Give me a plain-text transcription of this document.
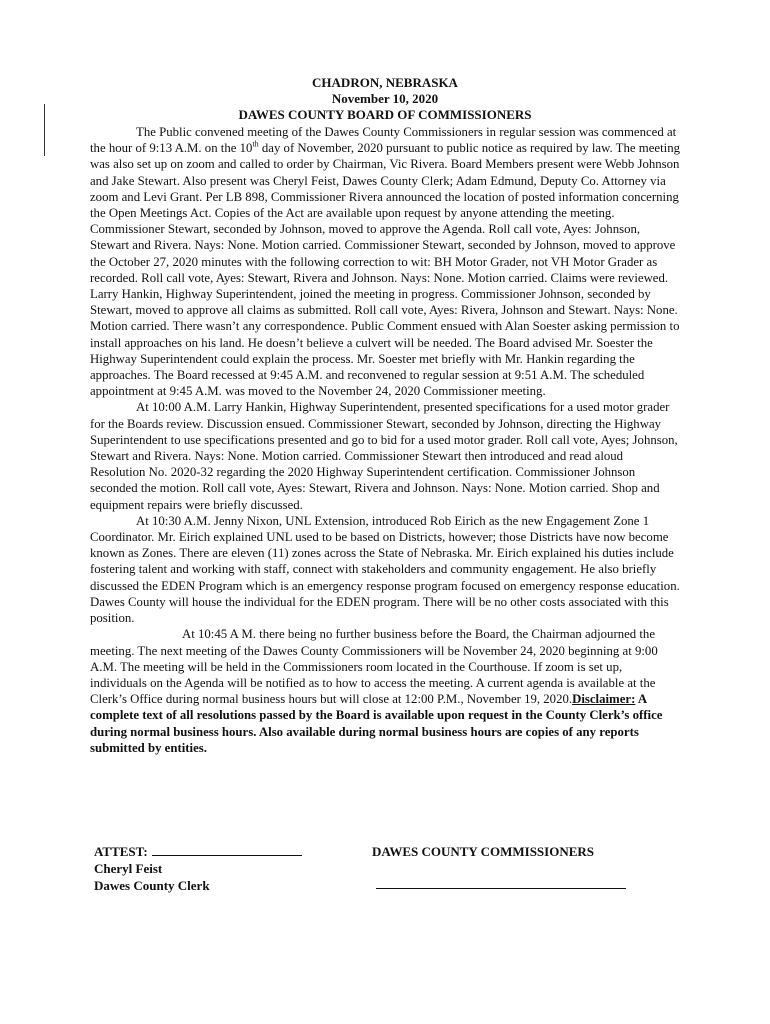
CHADRON, NEBRASKA
November 10, 2020
DAWES COUNTY BOARD OF COMMISSIONERS

The Public convened meeting of the Dawes County Commissioners in regular session was commenced at the hour of 9:13 A.M. on the 10th day of November, 2020 pursuant to public notice as required by law. The meeting was also set up on zoom and called to order by Chairman, Vic Rivera. Board Members present were Webb Johnson and Jake Stewart. Also present was Cheryl Feist, Dawes County Clerk; Adam Edmund, Deputy Co. Attorney via zoom and Levi Grant. Per LB 898, Commissioner Rivera announced the location of posted information concerning the Open Meetings Act. Copies of the Act are available upon request by anyone attending the meeting. Commissioner Stewart, seconded by Johnson, moved to approve the Agenda. Roll call vote, Ayes: Johnson, Stewart and Rivera. Nays: None. Motion carried. Commissioner Stewart, seconded by Johnson, moved to approve the October 27, 2020 minutes with the following correction to wit: BH Motor Grader, not VH Motor Grader as recorded. Roll call vote, Ayes: Stewart, Rivera and Johnson. Nays: None. Motion carried. Claims were reviewed. Larry Hankin, Highway Superintendent, joined the meeting in progress. Commissioner Johnson, seconded by Stewart, moved to approve all claims as submitted. Roll call vote, Ayes: Rivera, Johnson and Stewart. Nays: None. Motion carried. There wasn’t any correspondence. Public Comment ensued with Alan Soester asking permission to install approaches on his land. He doesn’t believe a culvert will be needed. The Board advised Mr. Soester the Highway Superintendent could explain the process. Mr. Soester met briefly with Mr. Hankin regarding the approaches. The Board recessed at 9:45 A.M. and reconvened to regular session at 9:51 A.M. The scheduled appointment at 9:45 A.M. was moved to the November 24, 2020 Commissioner meeting.

At 10:00 A.M. Larry Hankin, Highway Superintendent, presented specifications for a used motor grader for the Boards review. Discussion ensued. Commissioner Stewart, seconded by Johnson, directing the Highway Superintendent to use specifications presented and go to bid for a used motor grader. Roll call vote, Ayes; Johnson, Stewart and Rivera. Nays: None. Motion carried. Commissioner Stewart then introduced and read aloud Resolution No. 2020-32 regarding the 2020 Highway Superintendent certification. Commissioner Johnson seconded the motion. Roll call vote, Ayes: Stewart, Rivera and Johnson. Nays: None. Motion carried. Shop and equipment repairs were briefly discussed.

At 10:30 A.M. Jenny Nixon, UNL Extension, introduced Rob Eirich as the new Engagement Zone 1 Coordinator. Mr. Eirich explained UNL used to be based on Districts, however; those Districts have now become known as Zones. There are eleven (11) zones across the State of Nebraska. Mr. Eirich explained his duties include fostering talent and working with staff, connect with stakeholders and community engagement. He also briefly discussed the EDEN Program which is an emergency response program focused on emergency response education. Dawes County will house the individual for the EDEN program. There will be no other costs associated with this position.

At 10:45 A M. there being no further business before the Board, the Chairman adjourned the meeting. The next meeting of the Dawes County Commissioners will be November 24, 2020 beginning at 9:00 A.M. The meeting will be held in the Commissioners room located in the Courthouse. If zoom is set up, individuals on the Agenda will be notified as to how to access the meeting. A current agenda is available at the Clerk’s Office during normal business hours but will close at 12:00 P.M., November 19, 2020.Disclaimer: A complete text of all resolutions passed by the Board is available upon request in the County Clerk’s office during normal business hours. Also available during normal business hours are copies of any reports submitted by entities.

ATTEST:
Cheryl Feist
Dawes County Clerk
DAWES COUNTY COMMISSIONERS
